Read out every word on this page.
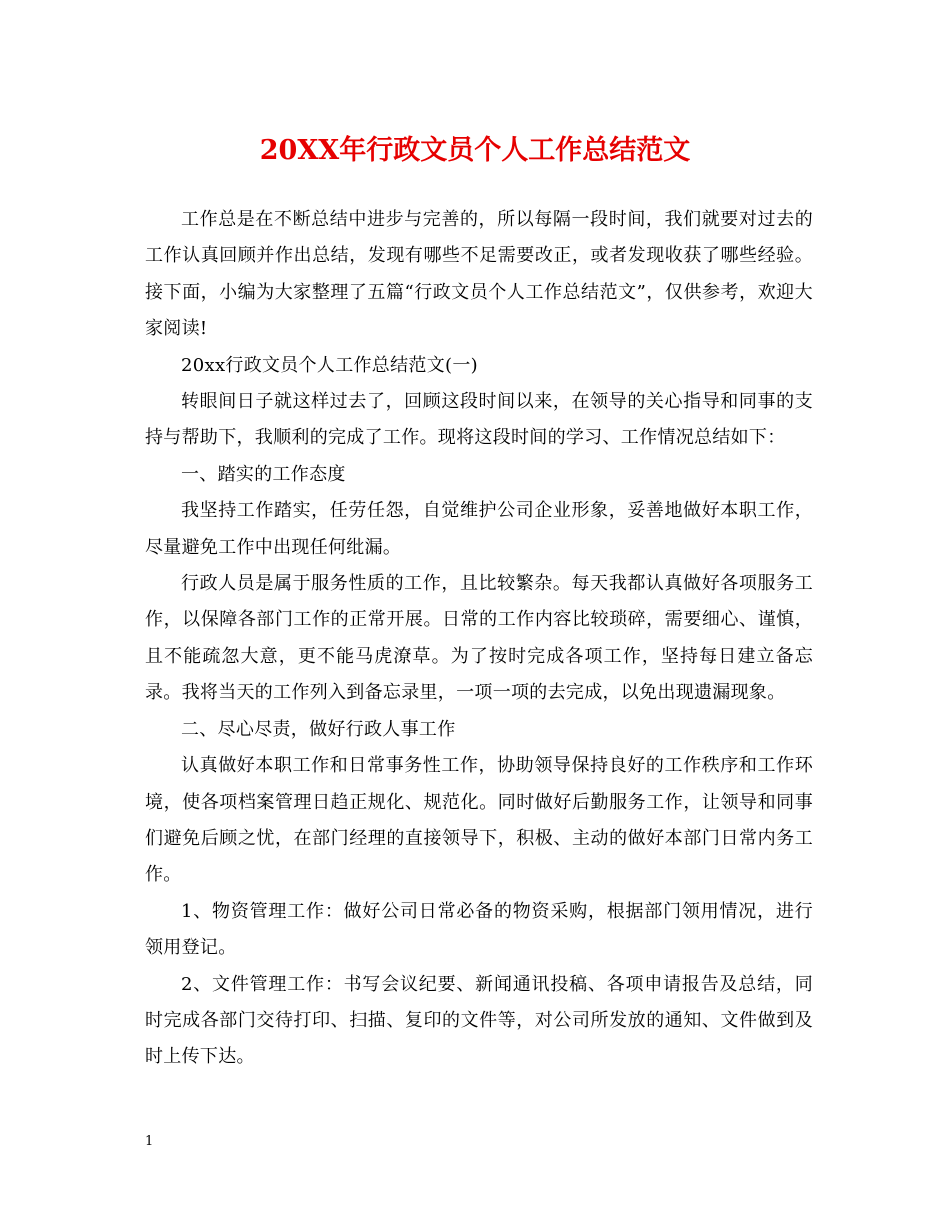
20XX年行政文员个人工作总结范文

工作总是在不断总结中进步与完善的，所以每隔一段时间，我们就要对过去的工作认真回顾并作出总结，发现有哪些不足需要改正，或者发现收获了哪些经验。接下面，小编为大家整理了五篇“行政文员个人工作总结范文”，仅供参考，欢迎大家阅读!

20xx行政文员个人工作总结范文(一)

转眼间日子就这样过去了，回顾这段时间以来，在领导的关心指导和同事的支持与帮助下，我顺利的完成了工作。现将这段时间的学习、工作情况总结如下：

一、踏实的工作态度

我坚持工作踏实，任劳任怨，自觉维护公司企业形象，妥善地做好本职工作，尽量避免工作中出现任何纰漏。

行政人员是属于服务性质的工作，且比较繁杂。每天我都认真做好各项服务工作，以保障各部门工作的正常开展。日常的工作内容比较琐碎，需要细心、谨慎，且不能疏忽大意，更不能马虎潦草。为了按时完成各项工作，坚持每日建立备忘录。我将当天的工作列入到备忘录里，一项一项的去完成，以免出现遗漏现象。

二、尽心尽责，做好行政人事工作

认真做好本职工作和日常事务性工作，协助领导保持良好的工作秩序和工作环境，使各项档案管理日趋正规化、规范化。同时做好后勤服务工作，让领导和同事们避免后顾之忧，在部门经理的直接领导下，积极、主动的做好本部门日常内务工作。

1、物资管理工作：做好公司日常必备的物资采购，根据部门领用情况，进行领用登记。

2、文件管理工作：书写会议纪要、新闻通讯投稿、各项申请报告及总结，同时完成各部门交待打印、扫描、复印的文件等，对公司所发放的通知、文件做到及时上传下达。

1
